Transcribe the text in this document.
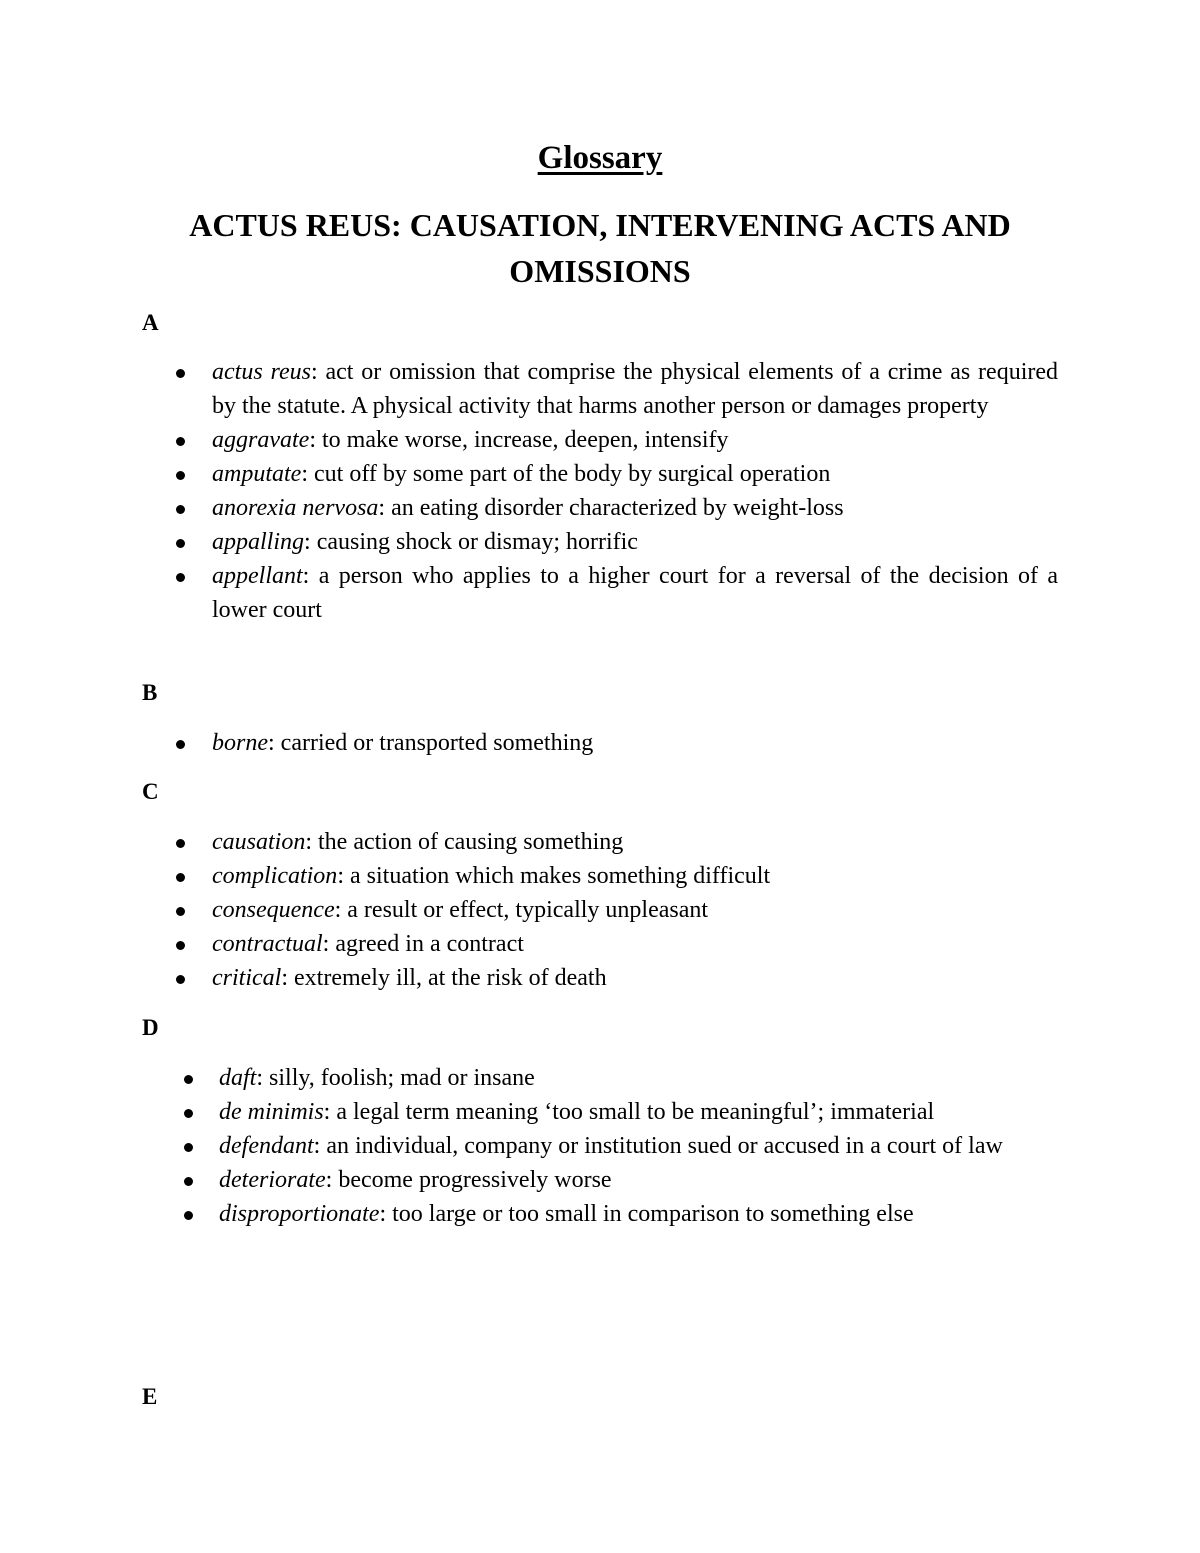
Glossary
ACTUS REUS: CAUSATION, INTERVENING ACTS AND OMISSIONS

A

actus reus: act or omission that comprise the physical elements of a crime as required by the statute. A physical activity that harms another person or damages property
aggravate: to make worse, increase, deepen, intensify
amputate: cut off by some part of the body by surgical operation
anorexia nervosa: an eating disorder characterized by weight-loss
appalling: causing shock or dismay; horrific
appellant: a person who applies to a higher court for a reversal of the decision of a lower court

B

borne: carried or transported something

C

causation: the action of causing something
complication: a situation which makes something difficult
consequence: a result or effect, typically unpleasant
contractual: agreed in a contract
critical: extremely ill, at the risk of death

D

daft: silly, foolish; mad or insane
de minimis: a legal term meaning ‘too small to be meaningful’; immaterial
defendant: an individual, company or institution sued or accused in a court of law
deteriorate: become progressively worse
disproportionate: too large or too small in comparison to something else

E
